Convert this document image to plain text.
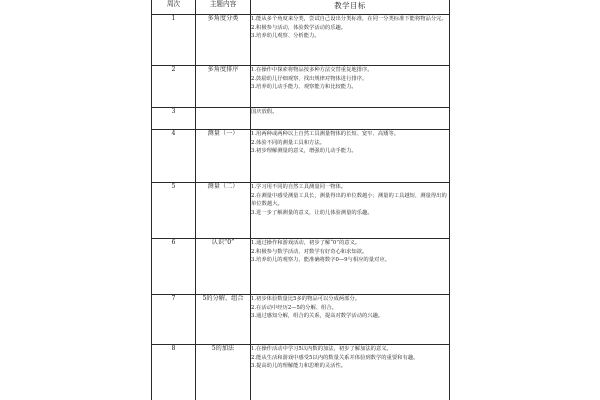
周次	主题内容	教学目标
1	多角度分类	1.能从多个角度来分类，尝试自己设出分类标准，在同一分类标准下能将物品分完。
2.积极参与活动，体验数学活动的乐趣。
3.培养幼儿观察、分析能力。

2	多角度排序	1.在操作中探索将物品按多种方法交替重复地排序。
2.鼓励幼儿仔细观察，找出规律对物体进行排序。
3.培养幼儿动手能力、观察能力和比较能力。

3		国庆放假。

4	测量（一）	1.用两种或两种以上自然工具测量物体的长短、宽窄、高矮等。
2.体验不同的测量工具和方法。
3.初步理解测量的意义，增强幼儿动手能力。

5	测量（二）	1.学习用不同的自然工具测量同一物体。
2.在测量中感受测量工具长，测量得出的单位数越小；测量的工具越短，测量得出的单位数越大。
3.进一步了解测量的意义，让幼儿体验测量的乐趣。

6	认识“0”	1.通过操作和游戏活动，初步了解“0”的意义。
2.积极参与数学活动，对数学有好奇心和求知欲。
3.培养幼儿的观察力，能准确将数字0—9与相应的量对应。

7	5的分解、组合	1.初步体验数量比5多的物品可以分成两部分。
2.在活动中经历2—5的分解、组合。
3.通过感知分解，组合的关系，提高对数学活动的兴趣。

8	5的加法	1.在操作活动中学习5以内数的加法，初步了解加法的意义。
2.能从生活和游戏中感受5以内的数量关系并体验到数学的重要和有趣。
3.提高幼儿的理解能力和思维的灵活性。
